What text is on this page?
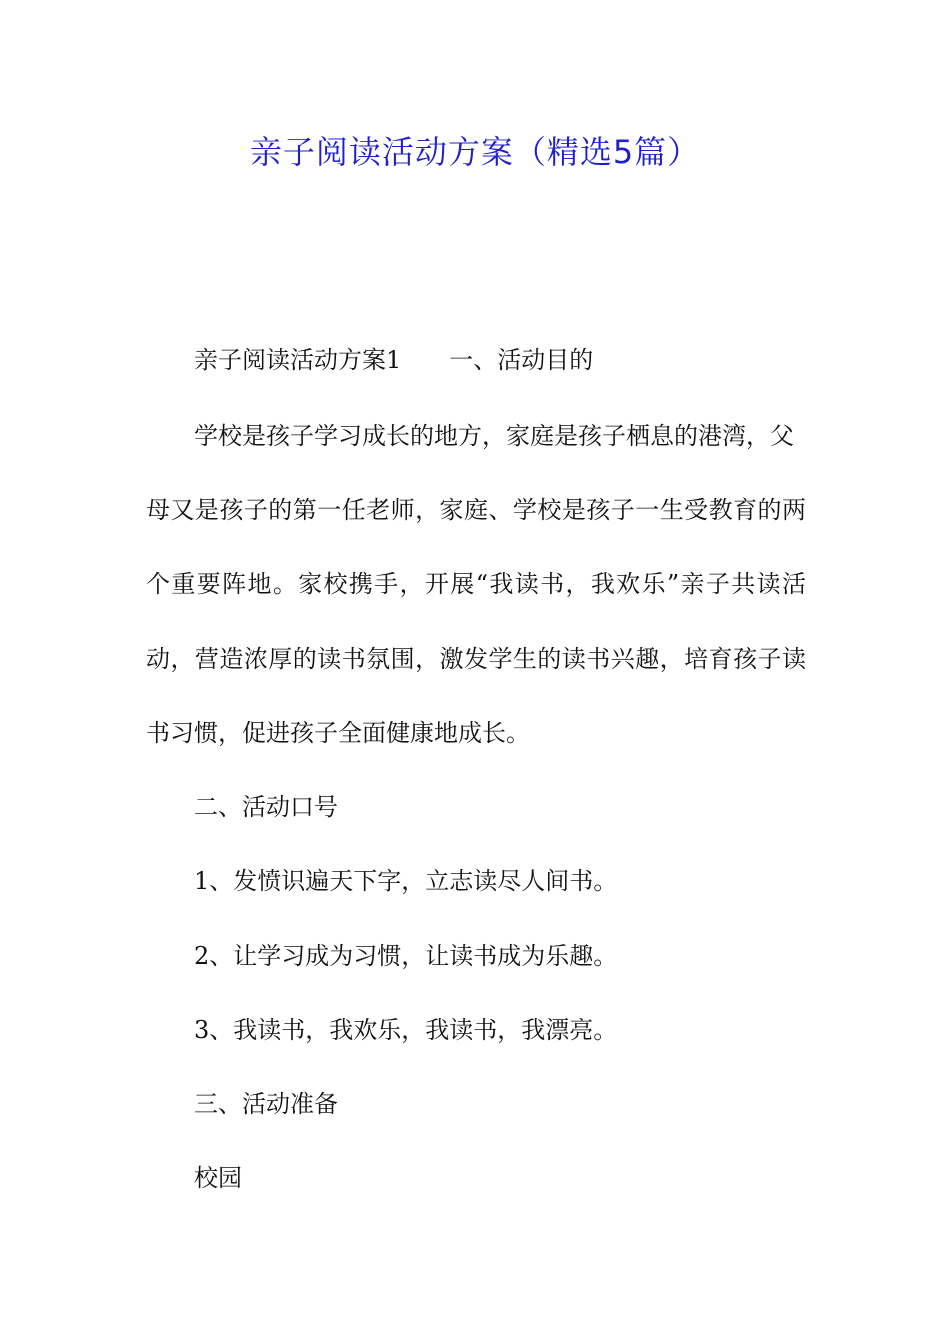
亲子阅读活动方案（精选5篇）
亲子阅读活动方案1　　一、活动目的
学校是孩子学习成长的地方，家庭是孩子栖息的港湾，父
母又是孩子的第一任老师，家庭、学校是孩子一生受教育的两
个重要阵地。家校携手，开展“我读书，我欢乐”亲子共读活
动，营造浓厚的读书氛围，激发学生的读书兴趣，培育孩子读
书习惯，促进孩子全面健康地成长。
二、活动口号
1、发愤识遍天下字，立志读尽人间书。
2、让学习成为习惯，让读书成为乐趣。
3、我读书，我欢乐，我读书，我漂亮。
三、活动准备
校园
